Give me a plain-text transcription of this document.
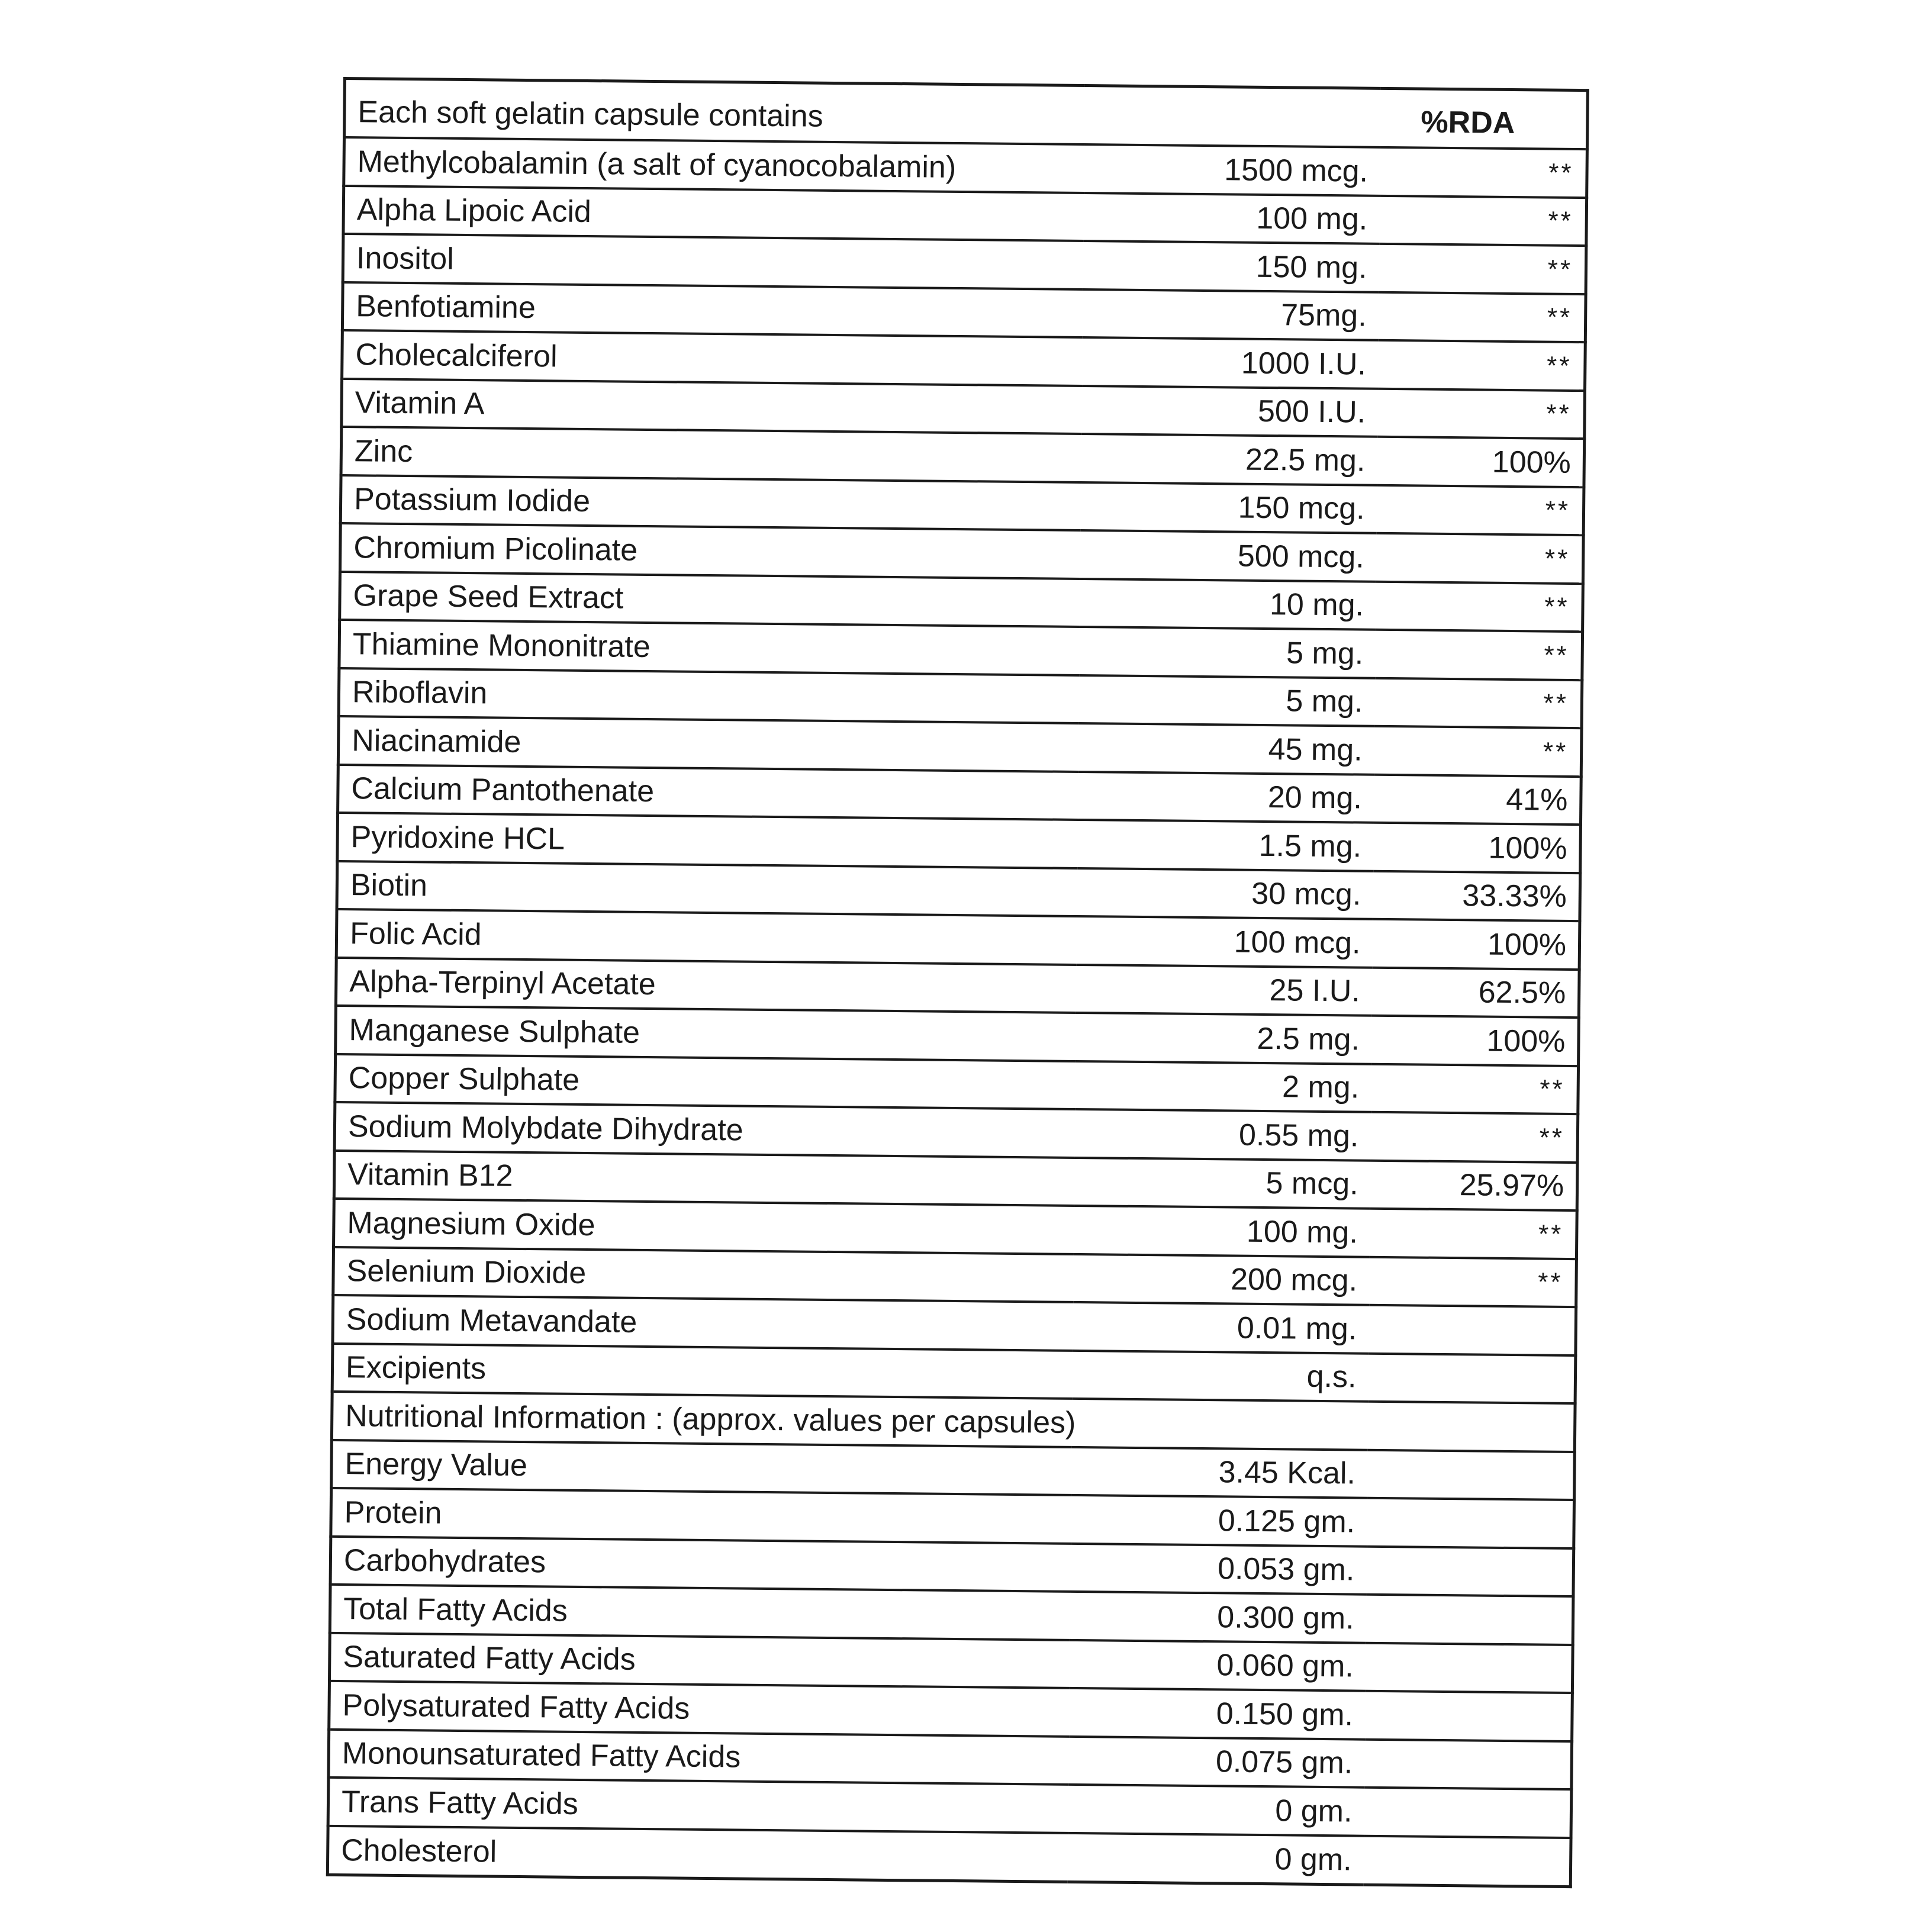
Each soft gelatin capsule contains		%RDA
Methylcobalamin (a salt of cyanocobalamin)	1500 mcg.	**
Alpha Lipoic Acid	100 mg.	**
Inositol	150 mg.	**
Benfotiamine	75mg.	**
Cholecalciferol	1000 I.U.	**
Vitamin A	500 I.U.	**
Zinc	22.5 mg.	100%
Potassium Iodide	150 mcg.	**
Chromium Picolinate	500 mcg.	**
Grape Seed Extract	10 mg.	**
Thiamine Mononitrate	5 mg.	**
Riboflavin	5 mg.	**
Niacinamide	45 mg.	**
Calcium Pantothenate	20 mg.	41%
Pyridoxine HCL	1.5 mg.	100%
Biotin	30 mcg.	33.33%
Folic Acid	100 mcg.	100%
Alpha-Terpinyl Acetate	25 I.U.	62.5%
Manganese Sulphate	2.5 mg.	100%
Copper Sulphate	2 mg.	**
Sodium Molybdate Dihydrate	0.55 mg.	**
Vitamin B12	5 mcg.	25.97%
Magnesium Oxide	100 mg.	**
Selenium Dioxide	200 mcg.	**
Sodium Metavandate	0.01 mg.	
Excipients	q.s.	
Nutritional Information : (approx. values per capsules)		
Energy Value	3.45 Kcal.	
Protein	0.125 gm.	
Carbohydrates	0.053 gm.	
Total Fatty Acids	0.300 gm.	
Saturated Fatty Acids	0.060 gm.	
Polysaturated Fatty Acids	0.150 gm.	
Monounsaturated Fatty Acids	0.075 gm.	
Trans Fatty Acids	0 gm.	
Cholesterol	0 gm.	
